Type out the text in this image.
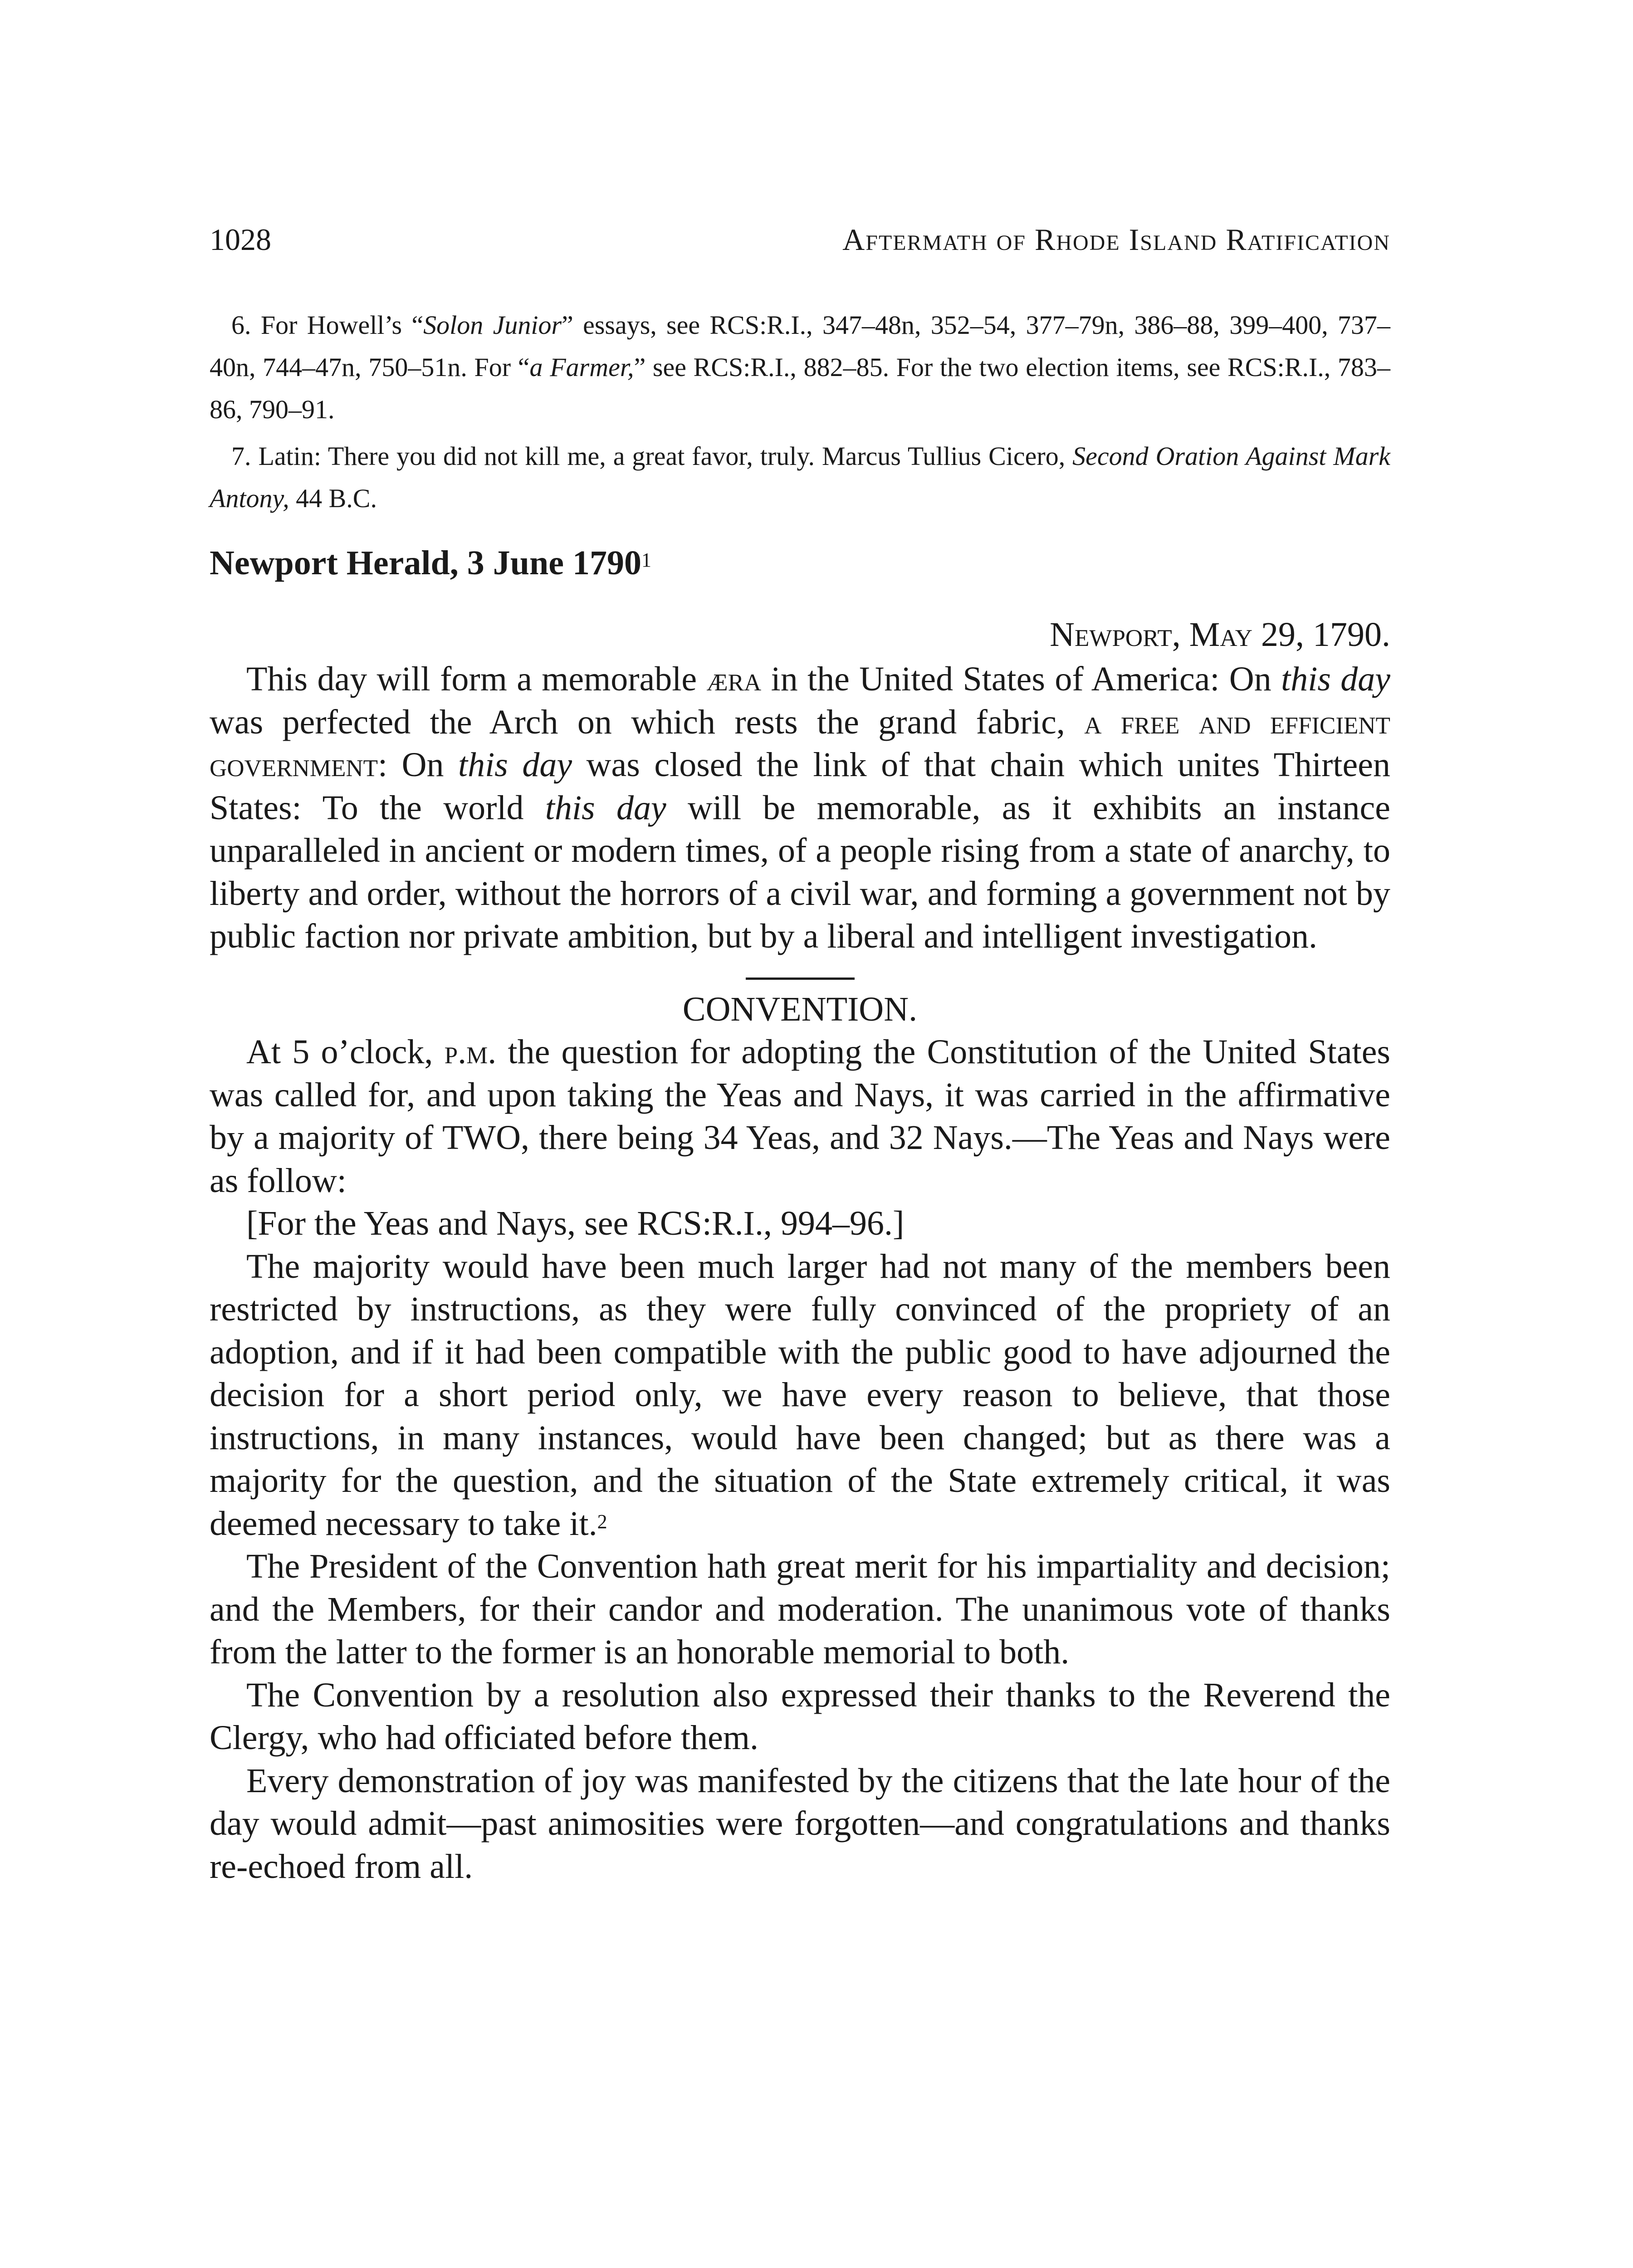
1028	Aftermath of Rhode Island Ratification

6. For Howell’s “Solon Junior” essays, see RCS:R.I., 347–48n, 352–54, 377–79n, 386–88, 399–400, 737–40n, 744–47n, 750–51n. For “a Farmer,” see RCS:R.I., 882–85. For the two election items, see RCS:R.I., 783–86, 790–91.

7. Latin: There you did not kill me, a great favor, truly. Marcus Tullius Cicero, Second Oration Against Mark Antony, 44 B.C.

Newport Herald, 3 June 1790$^1$
Newport, May 29, 1790.

This day will form a memorable æra in the United States of America: On this day was perfected the Arch on which rests the grand fabric, a free and efficient government: On this day was closed the link of that chain which unites Thirteen States: To the world this day will be memorable, as it exhibits an instance unparalleled in ancient or modern times, of a people rising from a state of anarchy, to liberty and order, without the horrors of a civil war, and forming a government not by public faction nor private ambition, but by a liberal and intelligent investigation.

CONVENTION.

At 5 o’clock, p.m. the question for adopting the Constitution of the United States was called for, and upon taking the Yeas and Nays, it was carried in the affirmative by a majority of TWO, there being 34 Yeas, and 32 Nays.—The Yeas and Nays were as follow:

[For the Yeas and Nays, see RCS:R.I., 994–96.]

The majority would have been much larger had not many of the members been restricted by instructions, as they were fully convinced of the propriety of an adoption, and if it had been compatible with the public good to have adjourned the decision for a short period only, we have every reason to believe, that those instructions, in many instances, would have been changed; but as there was a majority for the question, and the situation of the State extremely critical, it was deemed necessary to take it.$^2$

The President of the Convention hath great merit for his impartiality and decision; and the Members, for their candor and moderation. The unanimous vote of thanks from the latter to the former is an honorable memorial to both.

The Convention by a resolution also expressed their thanks to the Reverend the Clergy, who had officiated before them.

Every demonstration of joy was manifested by the citizens that the late hour of the day would admit—past animosities were forgotten—and congratulations and thanks re-echoed from all.
